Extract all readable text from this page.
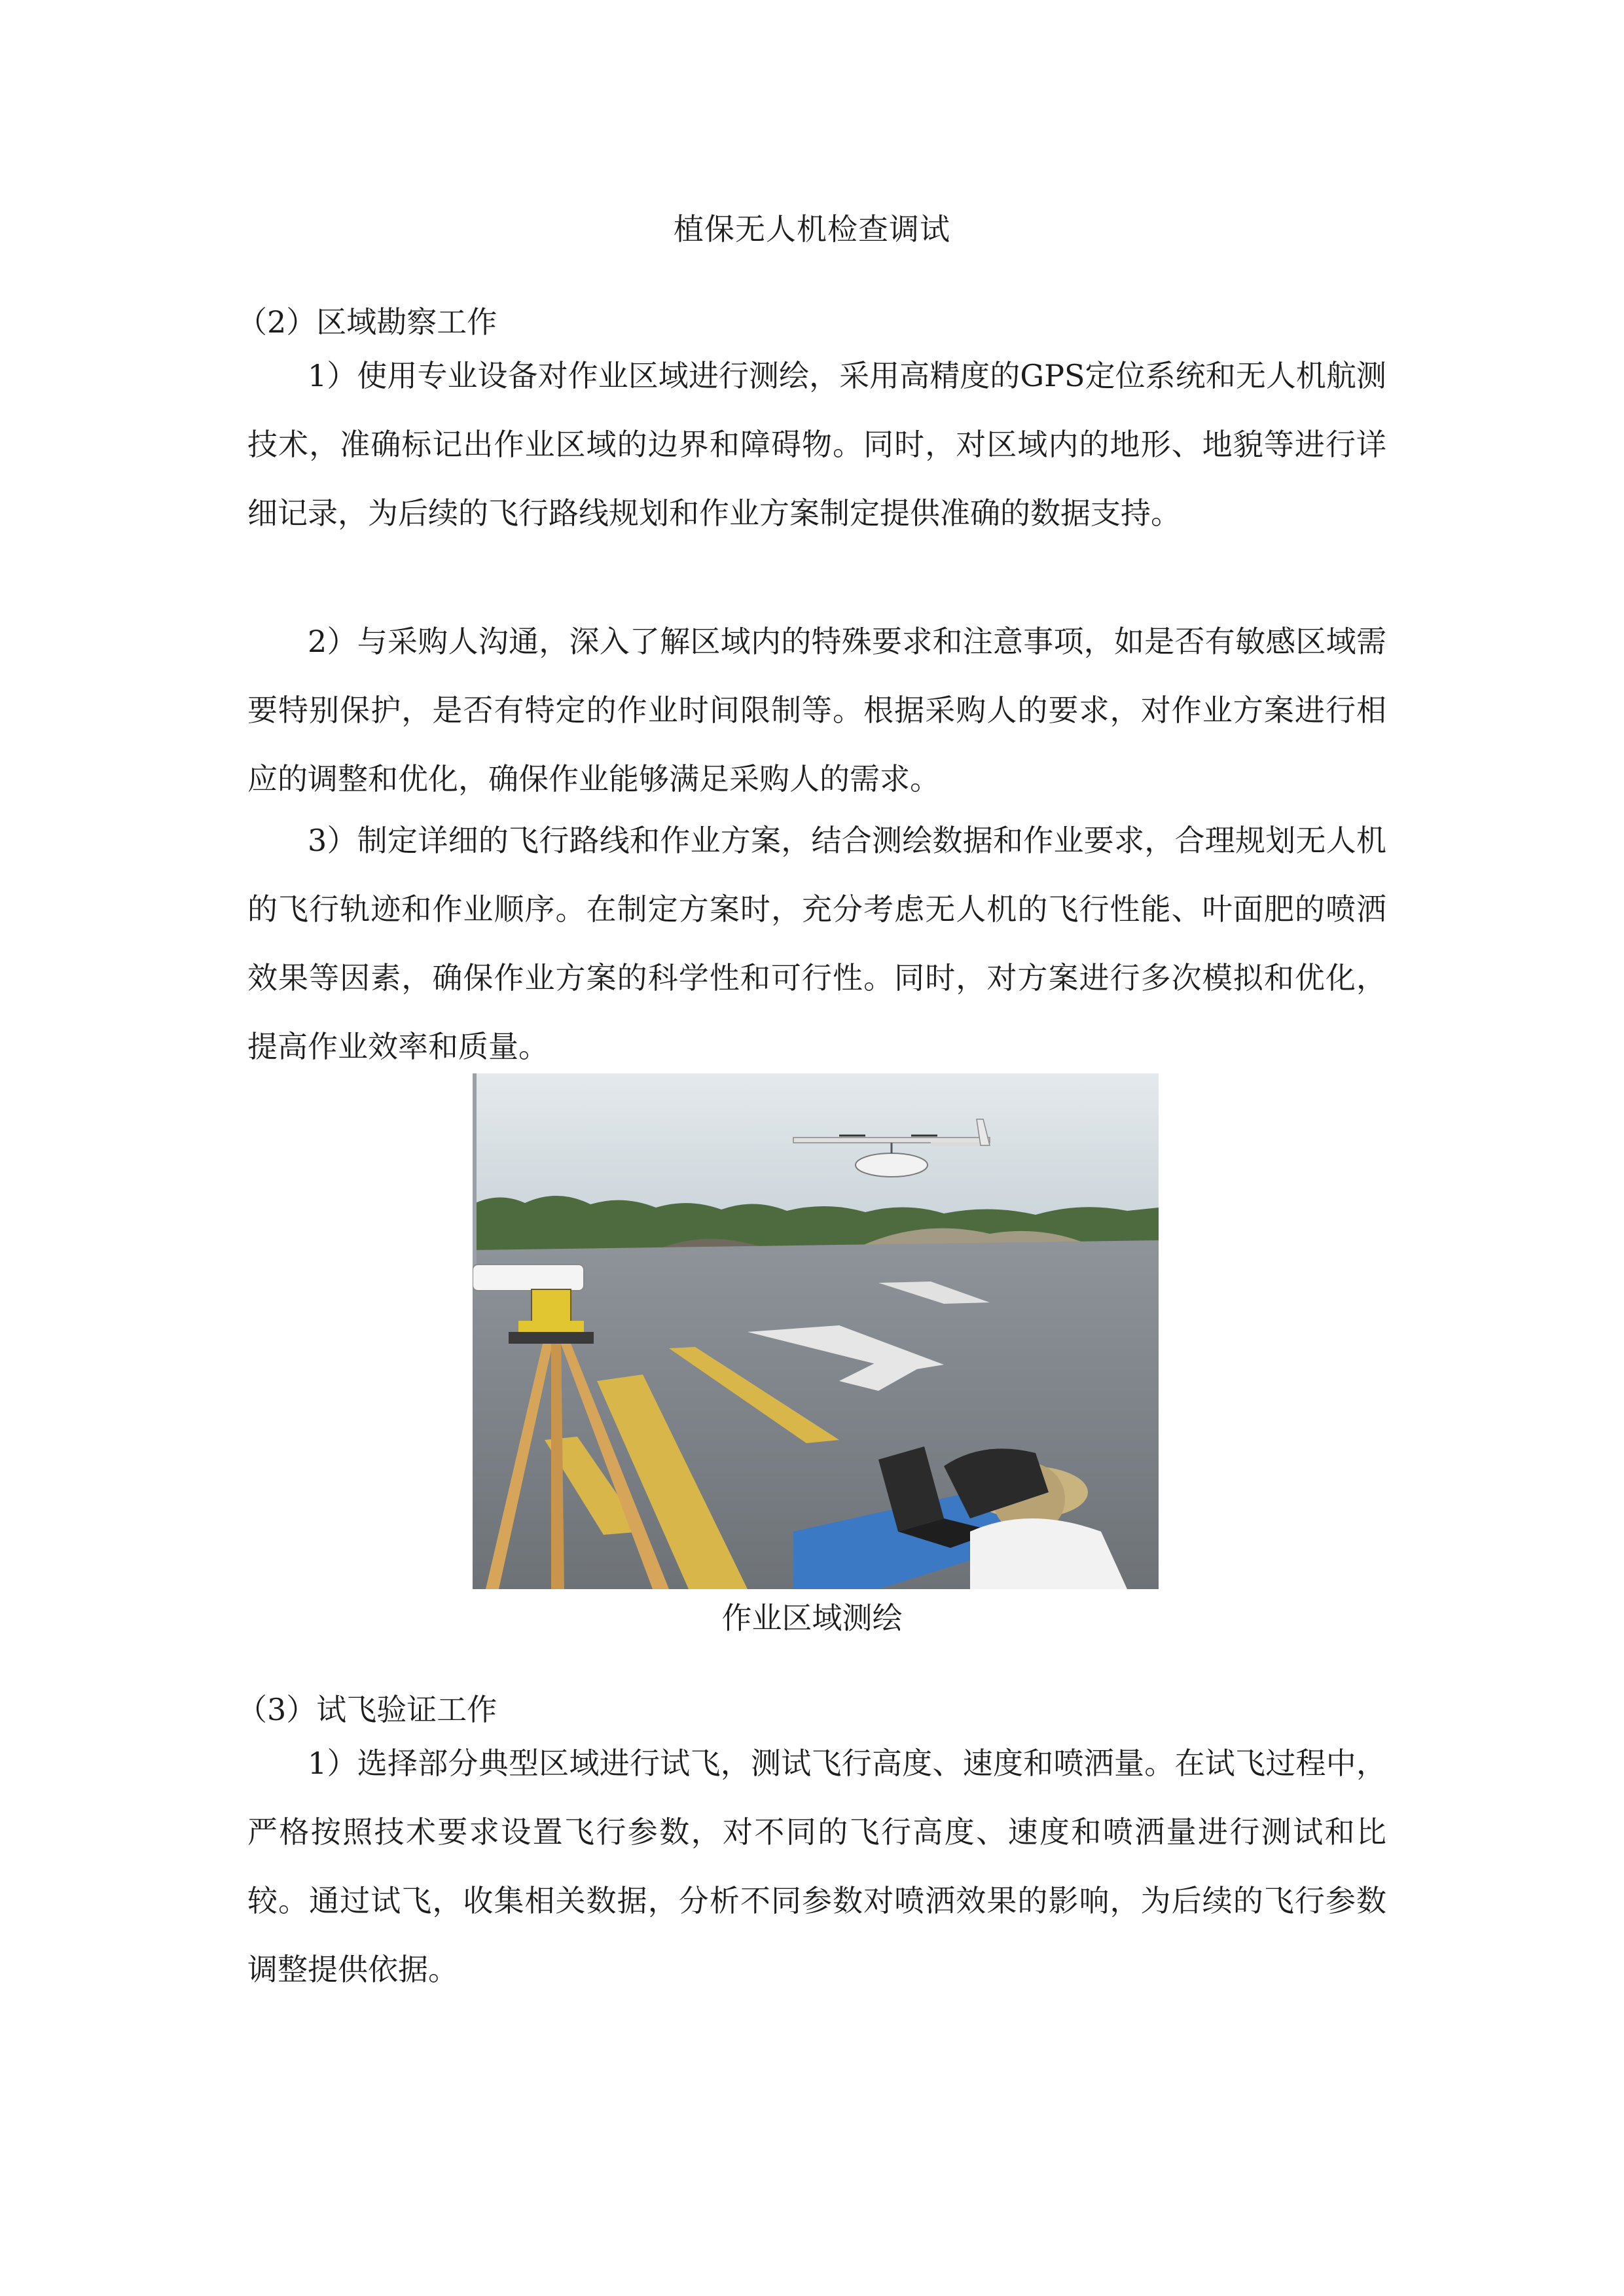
植保无人机检查调试
（2）区域勘察工作

1）使用专业设备对作业区域进行测绘，采用高精度的GPS定位系统和无人机航测技术，准确标记出作业区域的边界和障碍物。同时，对区域内的地形、地貌等进行详细记录，为后续的飞行路线规划和作业方案制定提供准确的数据支持。

2）与采购人沟通，深入了解区域内的特殊要求和注意事项，如是否有敏感区域需要特别保护，是否有特定的作业时间限制等。根据采购人的要求，对作业方案进行相应的调整和优化，确保作业能够满足采购人的需求。

3）制定详细的飞行路线和作业方案，结合测绘数据和作业要求，合理规划无人机的飞行轨迹和作业顺序。在制定方案时，充分考虑无人机的飞行性能、叶面肥的喷洒效果等因素，确保作业方案的科学性和可行性。同时，对方案进行多次模拟和优化，提高作业效率和质量。

作业区域测绘
（3）试飞验证工作

1）选择部分典型区域进行试飞，测试飞行高度、速度和喷洒量。在试飞过程中，严格按照技术要求设置飞行参数，对不同的飞行高度、速度和喷洒量进行测试和比较。通过试飞，收集相关数据，分析不同参数对喷洒效果的影响，为后续的飞行参数调整提供依据。
